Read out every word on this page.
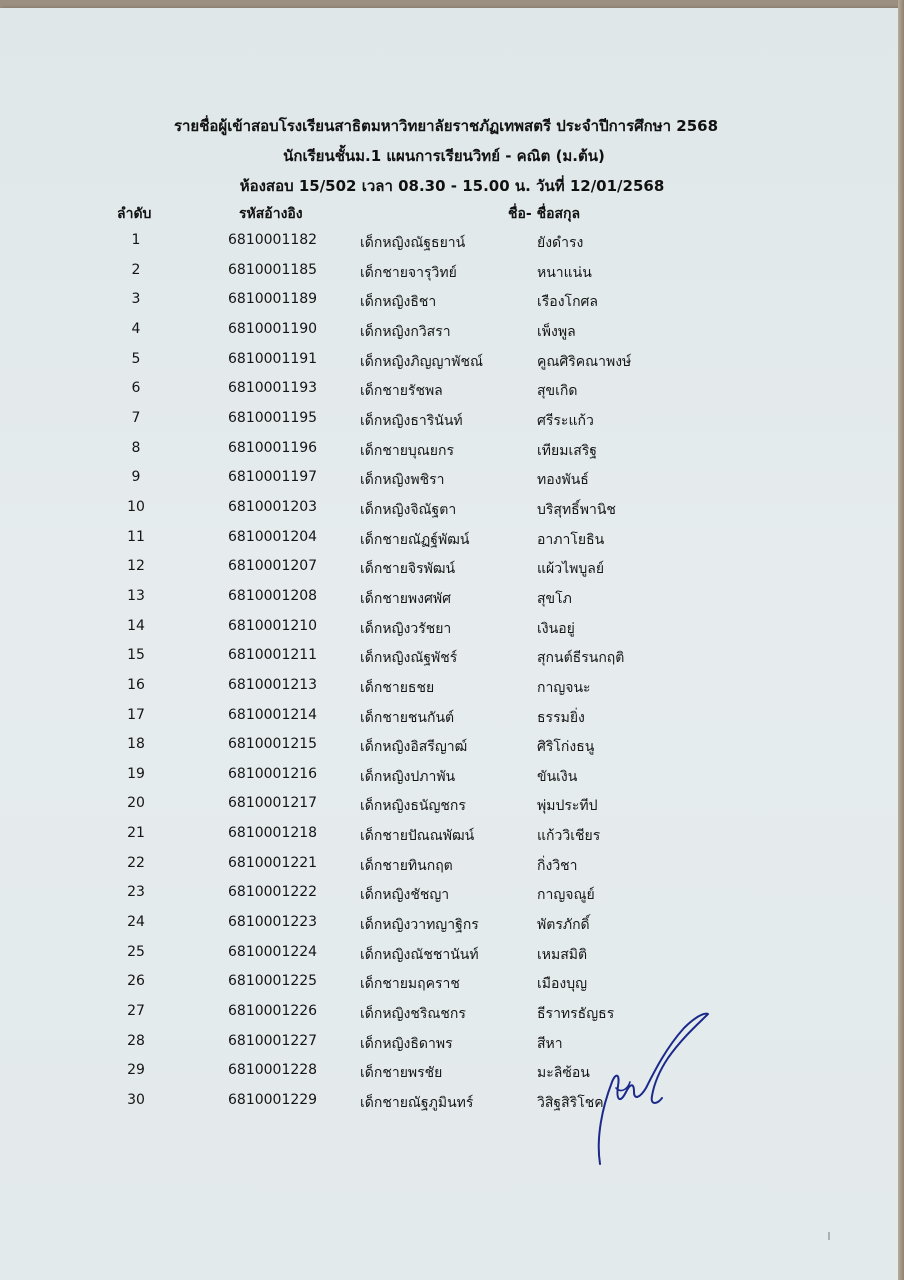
รายชื่อผู้เข้าสอบโรงเรียนสาธิตมหาวิทยาลัยราชภัฏเทพสตรี ประจำปีการศึกษา 2568
นักเรียนชั้นม.1 แผนการเรียนวิทย์ - คณิต (ม.ต้น)
ห้องสอบ 15/502 เวลา 08.30 - 15.00 น. วันที่ 12/01/2568
ลำดับ	รหัสอ้างอิง	ชื่อ- ชื่อสกุล
1	6810001182	เด็กหญิงณัฐธยาน์	ยังดำรง
2	6810001185	เด็กชายจารุวิทย์	หนาแน่น
3	6810001189	เด็กหญิงธิชา	เรืองโกศล
4	6810001190	เด็กหญิงกวิสรา	เพ็งพูล
5	6810001191	เด็กหญิงภิญญาพัชณ์	คูณศิริคณาพงษ์
6	6810001193	เด็กชายรัชพล	สุขเกิด
7	6810001195	เด็กหญิงธารินันท์	ศรีระแก้ว
8	6810001196	เด็กชายบุณยกร	เทียมเสริฐ
9	6810001197	เด็กหญิงพชิรา	ทองพันธ์
10	6810001203	เด็กหญิงจิณัฐตา	บริสุทธิ์พานิช
11	6810001204	เด็กชายณัฏฐ์พัฒน์	อาภาโยธิน
12	6810001207	เด็กชายจิรพัฒน์	แผ้วไพบูลย์
13	6810001208	เด็กชายพงศพัศ	สุขโภ
14	6810001210	เด็กหญิงวรัชยา	เงินอยู่
15	6810001211	เด็กหญิงณัฐพัชร์	สุกนต์ธีรนกฤติ
16	6810001213	เด็กชายธชย	กาญจนะ
17	6810001214	เด็กชายชนกันต์	ธรรมยิ่ง
18	6810001215	เด็กหญิงอิสรีญาฒ์	ศิริโก่งธนู
19	6810001216	เด็กหญิงปภาพัน	ขันเงิน
20	6810001217	เด็กหญิงธนัญชกร	พุ่มประทีป
21	6810001218	เด็กชายปัณณพัฒน์	แก้ววิเชียร
22	6810001221	เด็กชายทินกฤต	กิ่งวิชา
23	6810001222	เด็กหญิงชัชญา	กาญจณูย์
24	6810001223	เด็กหญิงวาทญาฐิกร	พัตรภักดิ์
25	6810001224	เด็กหญิงณัชชานันท์	เหมสมิติ
26	6810001225	เด็กชายมฤคราช	เมืองบุญ
27	6810001226	เด็กหญิงชริณชกร	ธีราทรธัญธร
28	6810001227	เด็กหญิงธิดาพร	สีหา
29	6810001228	เด็กชายพรชัย	มะลิซ้อน
30	6810001229	เด็กชายณัฐภูมินทร์	วิสิฐสิริโชค
